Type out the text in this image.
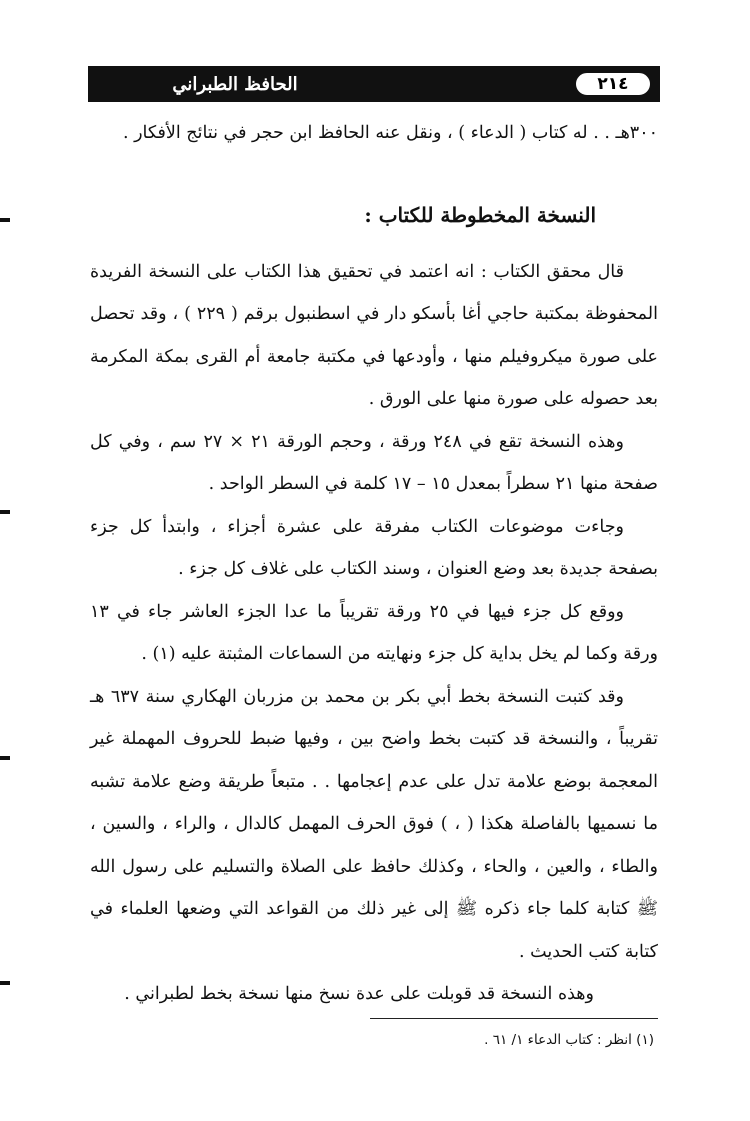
٢١٤
الحافظ الطبراني

٣٠٠هـ . . له كتاب ( الدعاء ) ، ونقل عنه الحافظ ابن حجر في نتائج الأفكار .

النسخة المخطوطة للكتاب :

قال محقق الكتاب : انه اعتمد في تحقيق هذا الكتاب على النسخة الفريدة المحفوظة بمكتبة حاجي أغا بأسكو دار في اسطنبول برقم ( ٢٢٩ ) ، وقد تحصل على صورة ميكروفيلم منها ، وأودعها في مكتبة جامعة أم القرى بمكة المكرمة بعد حصوله على صورة منها على الورق .

وهذه النسخة تقع في ٢٤٨ ورقة ، وحجم الورقة ٢١ × ٢٧ سم ، وفي كل صفحة منها ٢١ سطراً بمعدل ١٥ – ١٧ كلمة في السطر الواحد .

وجاءت موضوعات الكتاب مفرقة على عشرة أجزاء ، وابتدأ كل جزء بصفحة جديدة بعد وضع العنوان ، وسند الكتاب على غلاف كل جزء .

ووقع كل جزء فيها في ٢٥ ورقة تقريباً ما عدا الجزء العاشر جاء في ١٣ ورقة وكما لم يخل بداية كل جزء ونهايته من السماعات المثبتة عليه (١) .

وقد كتبت النسخة بخط أبي بكر بن محمد بن مزربان الهكاري سنة ٦٣٧ هـ تقريباً ، والنسخة قد كتبت بخط واضح بين ، وفيها ضبط للحروف المهملة غير المعجمة بوضع علامة تدل على عدم إعجامها . . متبعاً طريقة وضع علامة تشبه ما نسميها بالفاصلة هكذا ( ، ) فوق الحرف المهمل كالدال ، والراء ، والسين ، والطاء ، والعين ، والحاء ، وكذلك حافظ على الصلاة والتسليم على رسول الله ﷺ كتابة كلما جاء ذكره ﷺ إلى غير ذلك من القواعد التي وضعها العلماء في كتابة كتب الحديث .

وهذه النسخة قد قوبلت على عدة نسخ منها نسخة بخط لطبراني .

(١) انظر : كتاب الدعاء ١/ ٦١ .
